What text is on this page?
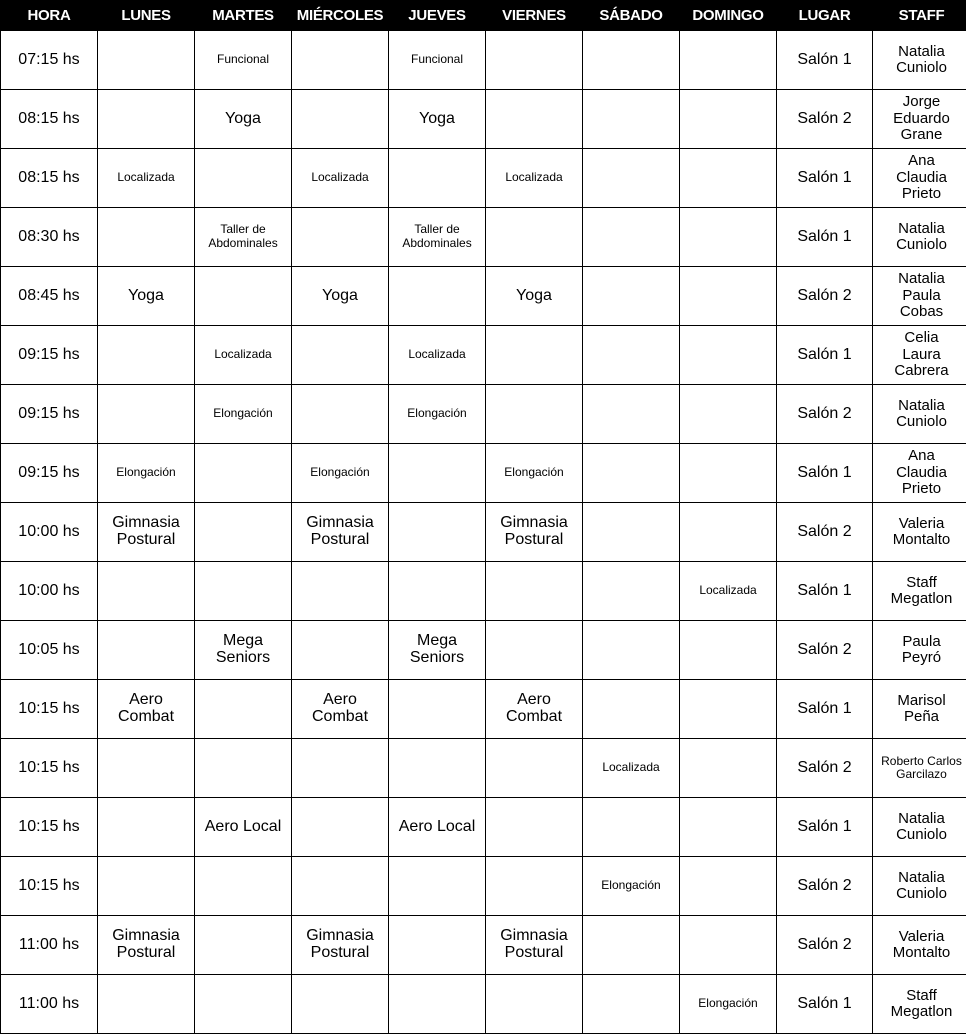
HORA	LUNES	MARTES	MIÉRCOLES	JUEVES	VIERNES	SÁBADO	DOMINGO	LUGAR	STAFF
07:15 hs		Funcional		Funcional				Salón 1	Natalia Cuniolo
08:15 hs		Yoga		Yoga				Salón 2	Jorge Eduardo Grane
08:15 hs	Localizada		Localizada		Localizada			Salón 1	Ana Claudia Prieto
08:30 hs		Taller de Abdominales		Taller de Abdominales				Salón 1	Natalia Cuniolo
08:45 hs	Yoga		Yoga		Yoga			Salón 2	Natalia Paula Cobas
09:15 hs		Localizada		Localizada				Salón 1	Celia Laura Cabrera
09:15 hs		Elongación		Elongación				Salón 2	Natalia Cuniolo
09:15 hs	Elongación		Elongación		Elongación			Salón 1	Ana Claudia Prieto
10:00 hs	Gimnasia Postural		Gimnasia Postural		Gimnasia Postural			Salón 2	Valeria Montalto
10:00 hs							Localizada	Salón 1	Staff Megatlon
10:05 hs		Mega Seniors		Mega Seniors				Salón 2	Paula Peyró
10:15 hs	Aero Combat		Aero Combat		Aero Combat			Salón 1	Marisol Peña
10:15 hs						Localizada		Salón 2	Roberto Carlos Garcilazo
10:15 hs		Aero Local		Aero Local				Salón 1	Natalia Cuniolo
10:15 hs						Elongación		Salón 2	Natalia Cuniolo
11:00 hs	Gimnasia Postural		Gimnasia Postural		Gimnasia Postural			Salón 2	Valeria Montalto
11:00 hs							Elongación	Salón 1	Staff Megatlon
